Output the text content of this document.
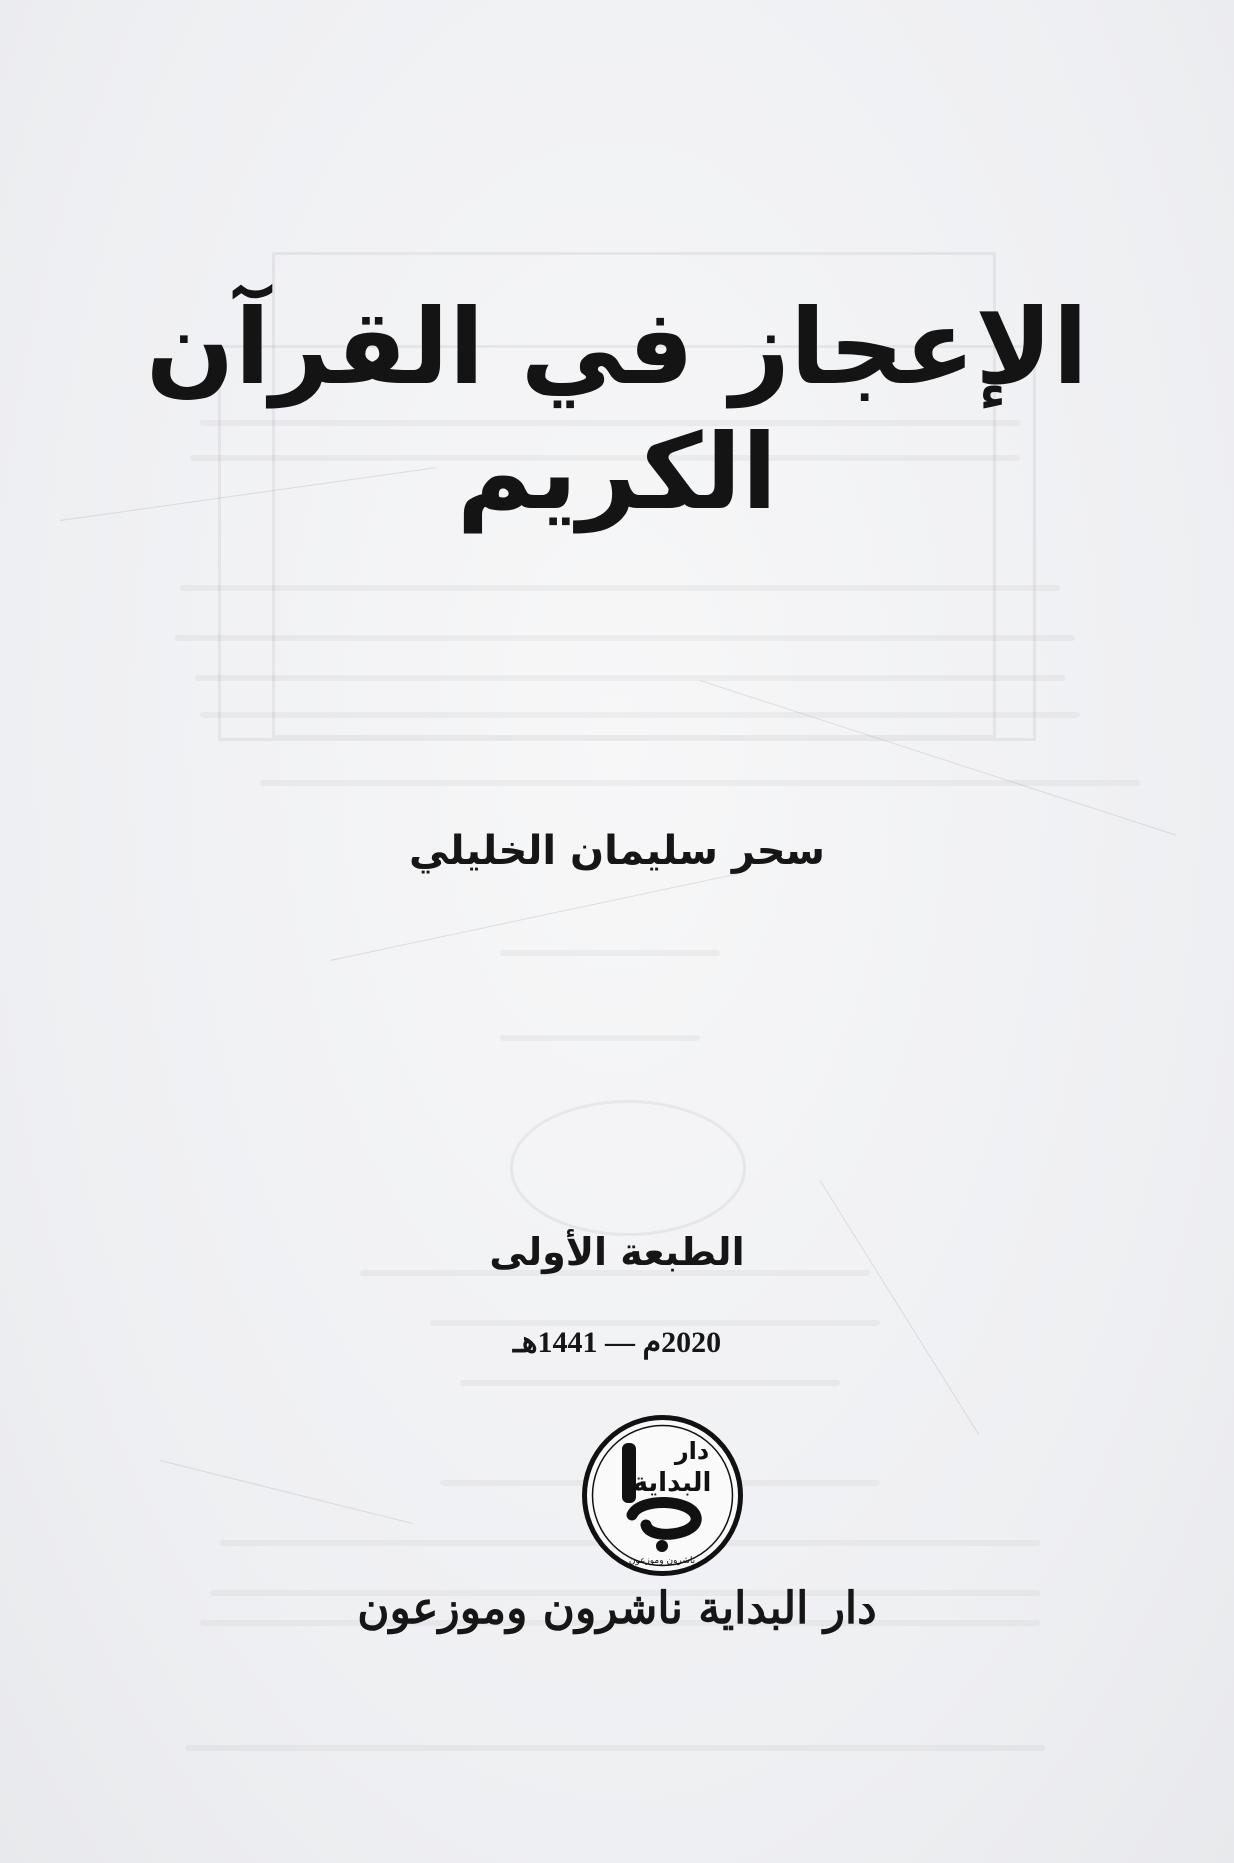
الإعجاز في القرآن الكريم
سحر سليمان الخليلي
الطبعة الأولى
2020م — 1441هـ
دار
البداية
ناشرون وموزعون
دار البداية ناشرون وموزعون
